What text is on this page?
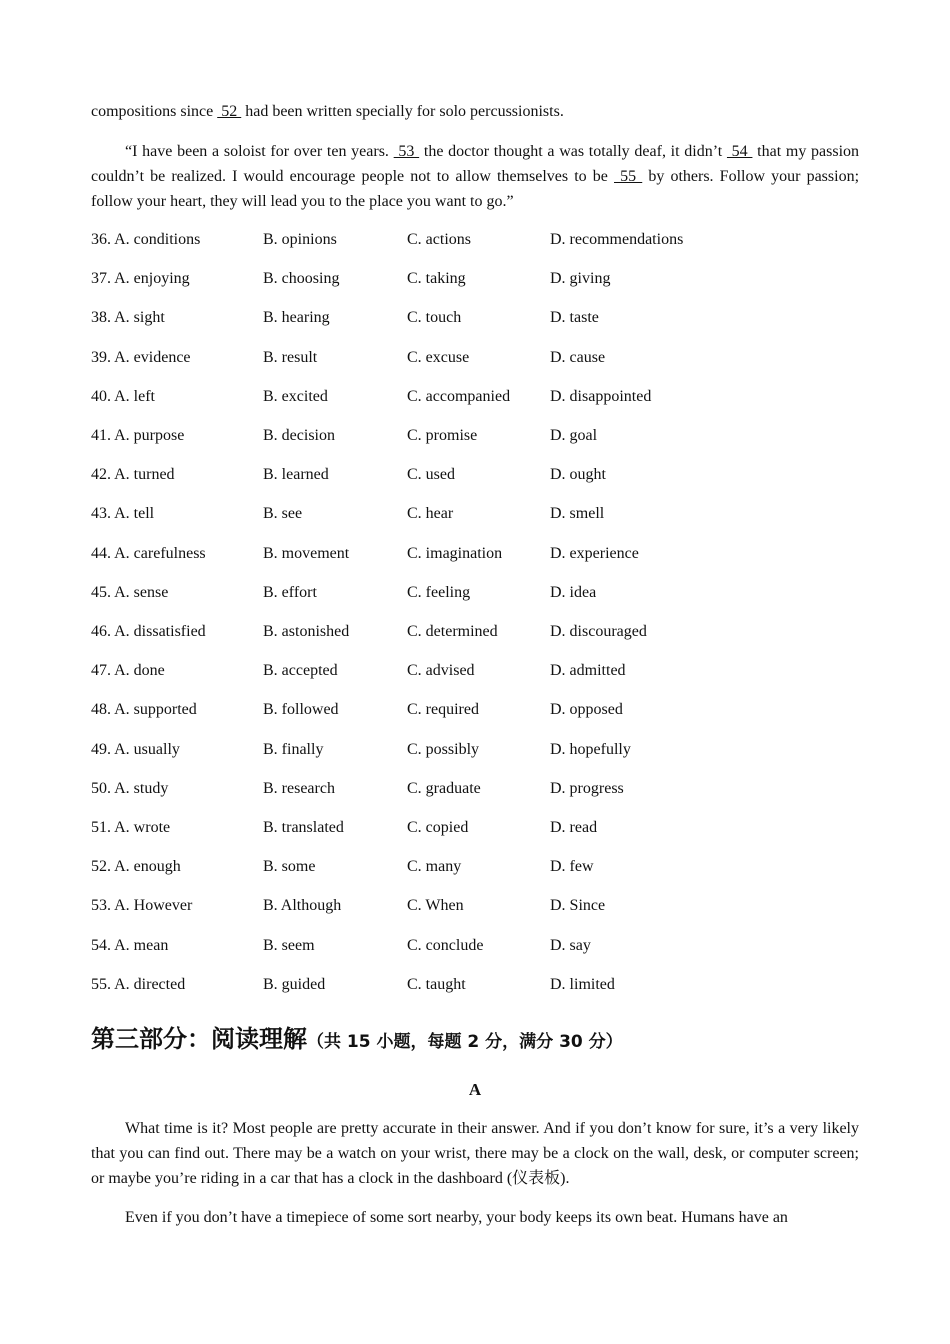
compositions since  52  had been written specially for solo percussionists.

“I have been a soloist for over ten years.  53  the doctor thought a was totally deaf, it didn’t  54  that my passion couldn’t be realized. I would encourage people not to allow themselves to be  55  by others. Follow your passion; follow your heart, they will lead you to the place you want to go.”

36. A. conditions	B. opinions	C. actions	D. recommendations
37. A. enjoying	B. choosing	C. taking	D. giving
38. A. sight	B. hearing	C. touch	D. taste
39. A. evidence	B. result	C. excuse	D. cause
40. A. left	B. excited	C. accompanied D. disappointed
41. A. purpose	B. decision	C. promise	D. goal
42. A. turned	B. learned	C. used	D. ought
43. A. tell	B. see	C. hear	D. smell
44. A. carefulness	B. movement	C. imagination	D. experience
45. A. sense	B. effort	C. feeling	D. idea
46. A. dissatisfied	B. astonished	C. determined	D. discouraged
47. A. done	B. accepted	C. advised	D. admitted
48. A. supported	B. followed	C. required	D. opposed
49. A. usually	B. finally	C. possibly	D. hopefully
50. A. study	B. research	C. graduate	D. progress
51. A. wrote	B. translated	C. copied	D. read
52. A. enough	B. some	C. many	D. few
53. A. However	B. Although	C. When	D. Since
54. A. mean	B. seem	C. conclude	D. say
55. A. directed	B. guided	C. taught	D. limited
第三部分：阅读理解（共 15 小题，每题 2 分，满分 30 分）
A

What time is it? Most people are pretty accurate in their answer. And if you don’t know for sure, it’s a very likely that you can find out. There may be a watch on your wrist, there may be a clock on the wall, desk, or computer screen; or maybe you’re riding in a car that has a clock in the dashboard (仪表板).

Even if you don’t have a timepiece of some sort nearby, your body keeps its own beat. Humans have an
